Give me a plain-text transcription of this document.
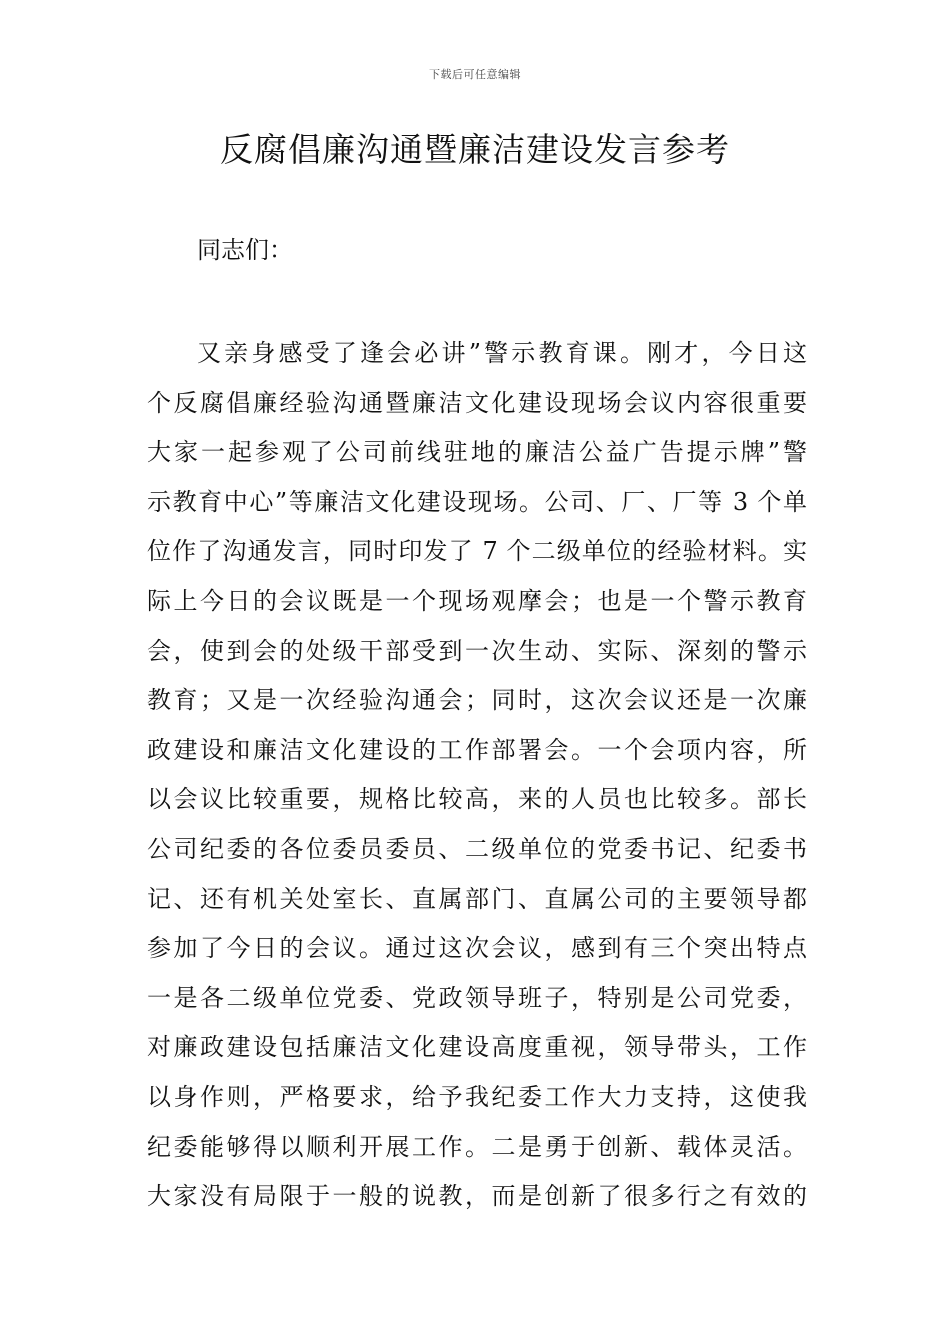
下载后可任意编辑
反腐倡廉沟通暨廉洁建设发言参考
同志们：
又亲身感受了逢会必讲”警示教育课。刚才，今日这
个反腐倡廉经验沟通暨廉洁文化建设现场会议内容很重要
大家一起参观了公司前线驻地的廉洁公益广告提示牌”警
示教育中心”等廉洁文化建设现场。公司、厂、厂等 3 个单
位作了沟通发言，同时印发了 7 个二级单位的经验材料。实
际上今日的会议既是一个现场观摩会；也是一个警示教育
会，使到会的处级干部受到一次生动、实际、深刻的警示
教育；又是一次经验沟通会；同时，这次会议还是一次廉
政建设和廉洁文化建设的工作部署会。一个会项内容，所
以会议比较重要，规格比较高，来的人员也比较多。部长
公司纪委的各位委员委员、二级单位的党委书记、纪委书
记、还有机关处室长、直属部门、直属公司的主要领导都
参加了今日的会议。通过这次会议，感到有三个突出特点
一是各二级单位党委、党政领导班子，特别是公司党委，
对廉政建设包括廉洁文化建设高度重视，领导带头，工作
以身作则，严格要求，给予我纪委工作大力支持，这使我
纪委能够得以顺利开展工作。二是勇于创新、载体灵活。
大家没有局限于一般的说教，而是创新了很多行之有效的
